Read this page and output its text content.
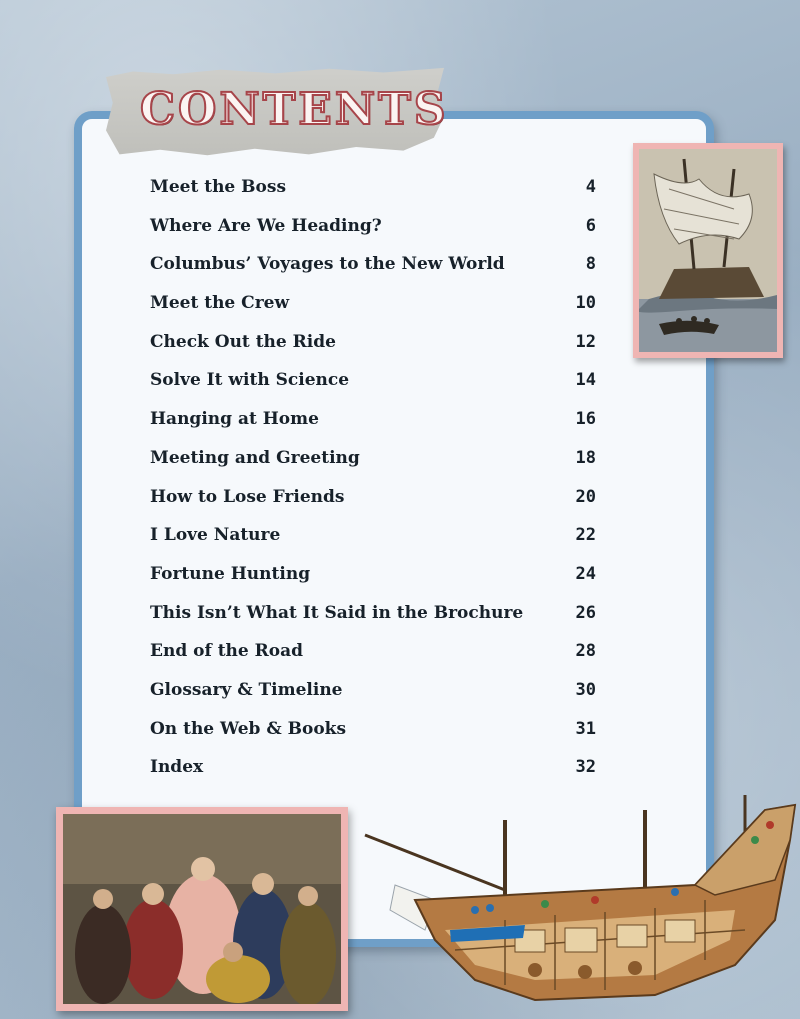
CONTENTS
Meet the Boss	4
Where Are We Heading?	6
Columbus’ Voyages to the New World	8
Meet the Crew	10
Check Out the Ride	12
Solve It with Science	14
Hanging at Home	16
Meeting and Greeting	18
How to Lose Friends	20
I Love Nature	22
Fortune Hunting	24
This Isn’t What It Said in the Brochure	26
End of the Road	28
Glossary & Timeline	30
On the Web & Books	31
Index	32
